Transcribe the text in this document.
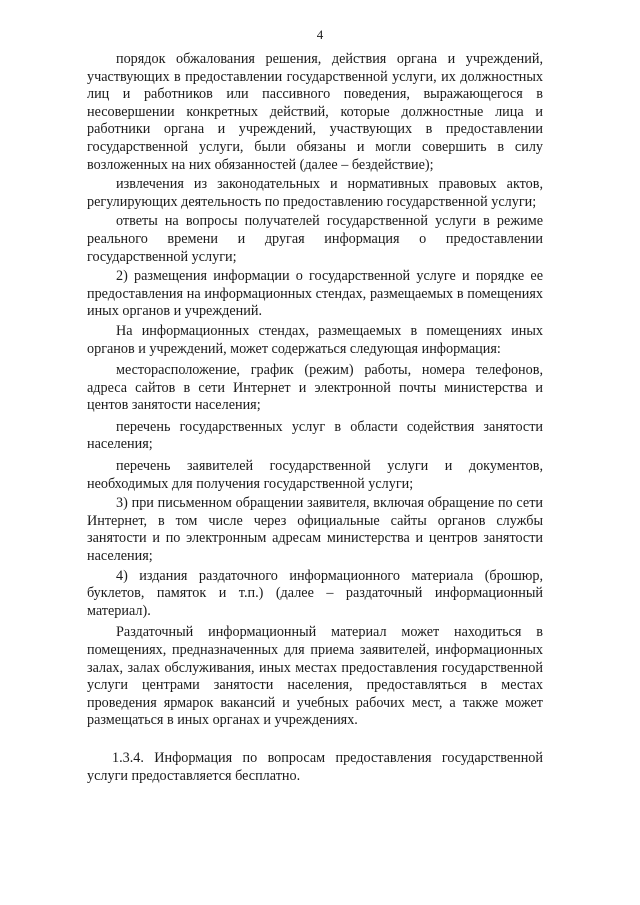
4

порядок обжалования решения, действия органа и учреждений, участвующих в предоставлении государственной услуги, их должностных лиц и работников или пассивного поведения, выражающегося в несовершении конкретных действий, которые должностные лица и работники органа и учреждений, участвующих в предоставлении государственной услуги, были обязаны и могли совершить в силу возложенных на них обязанностей (далее – бездействие);

извлечения из законодательных и нормативных правовых актов, регулирующих деятельность по предоставлению государственной услуги;

ответы на вопросы получателей государственной услуги в режиме реального времени и другая информация о предоставлении государственной услуги;

2) размещения информации о государственной услуге и порядке ее предоставления на информационных стендах, размещаемых в помещениях иных органов и учреждений.

На информационных стендах, размещаемых в помещениях иных органов и учреждений, может содержаться следующая информация:

месторасположение, график (режим) работы, номера телефонов, адреса сайтов в сети Интернет и электронной почты министерства и центов занятости населения;

перечень государственных услуг в области содействия занятости населения;

перечень заявителей государственной услуги и документов, необходимых для получения государственной услуги;

3) при письменном обращении заявителя, включая обращение по сети Интернет, в том числе через официальные сайты органов службы занятости и по электронным адресам министерства и центров занятости населения;

4) издания раздаточного информационного материала (брошюр, буклетов, памяток и т.п.) (далее – раздаточный информационный материал).

Раздаточный информационный материал может находиться в помещениях, предназначенных для приема заявителей, информационных залах, залах обслуживания, иных местах предоставления государственной услуги центрами занятости населения, предоставляться в местах проведения ярмарок вакансий и учебных рабочих мест, а также может размещаться в иных органах и учреждениях.

1.3.4. Информация по вопросам предоставления государственной услуги предоставляется бесплатно.
